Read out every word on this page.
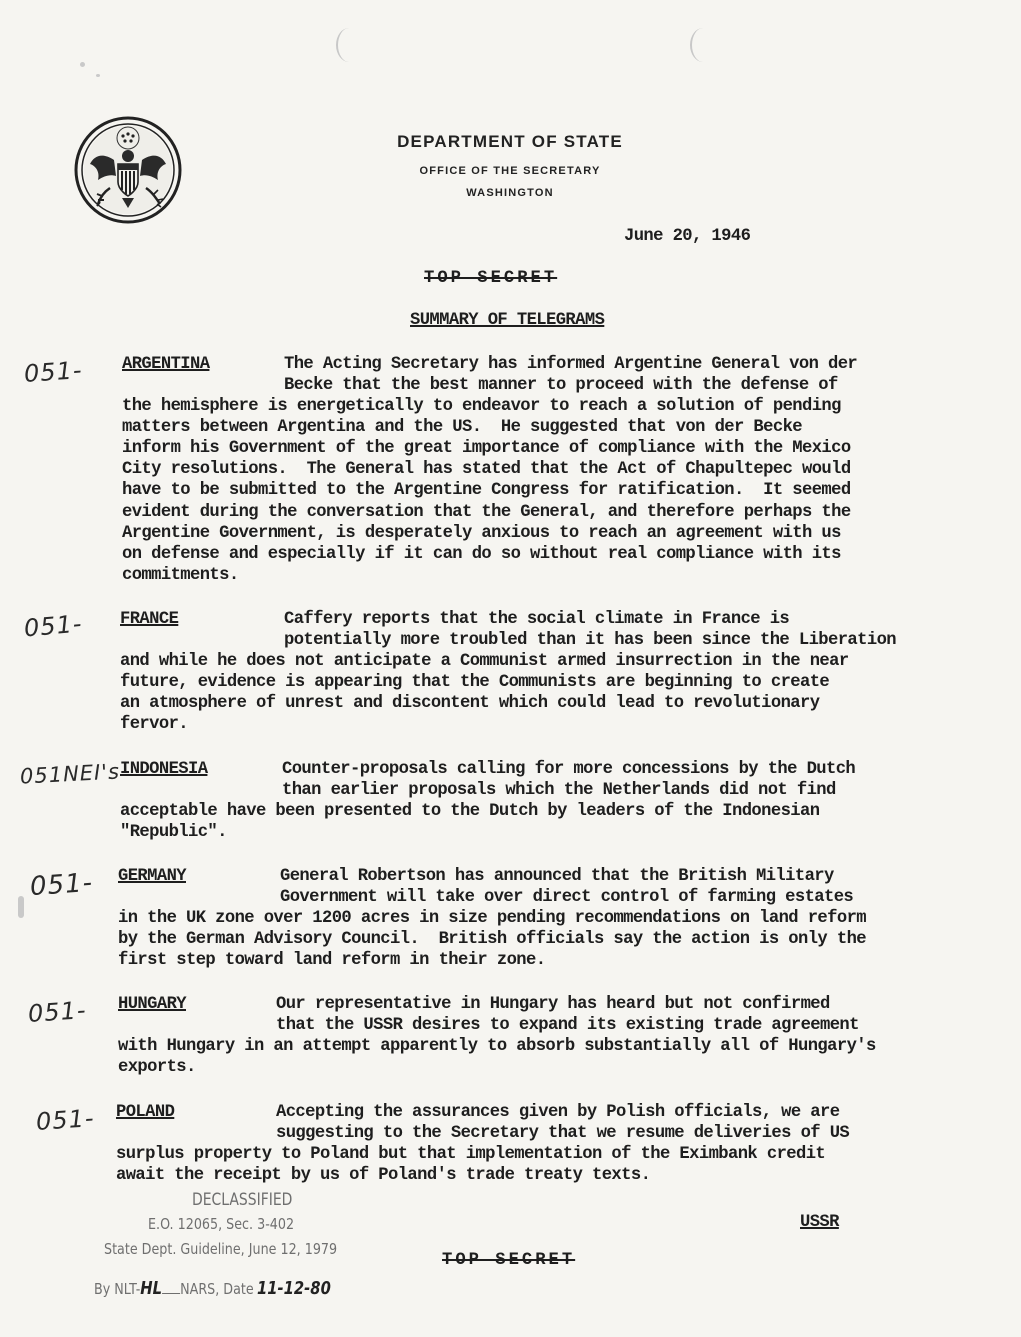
DEPARTMENT OF STATE
OFFICE OF THE SECRETARY
WASHINGTON
June 20, 1946
TOP SECRET
SUMMARY OF TELEGRAMS
051- ARGENTINA	The Acting Secretary has informed Argentine General von der
Becke that the best manner to proceed with the defense of
the hemisphere is energetically to endeavor to reach a solution of pending
matters between Argentina and the US.  He suggested that von der Becke
inform his Government of the great importance of compliance with the Mexico
City resolutions.  The General has stated that the Act of Chapultepec would
have to be submitted to the Argentine Congress for ratification.  It seemed
evident during the conversation that the General, and therefore perhaps the
Argentine Government, is desperately anxious to reach an agreement with us
on defense and especially if it can do so without real compliance with its
commitments.
051- FRANCE	Caffery reports that the social climate in France is
potentially more troubled than it has been since the Liberation
and while he does not anticipate a Communist armed insurrection in the near
future, evidence is appearing that the Communists are beginning to create
an atmosphere of unrest and discontent which could lead to revolutionary
fervor.
051NEI's INDONESIA	Counter-proposals calling for more concessions by the Dutch
than earlier proposals which the Netherlands did not find
acceptable have been presented to the Dutch by leaders of the Indonesian
"Republic".
051- GERMANY	General Robertson has announced that the British Military
Government will take over direct control of farming estates
in the UK zone over 1200 acres in size pending recommendations on land reform
by the German Advisory Council.  British officials say the action is only the
first step toward land reform in their zone.
051- HUNGARY	Our representative in Hungary has heard but not confirmed
that the USSR desires to expand its existing trade agreement
with Hungary in an attempt apparently to absorb substantially all of Hungary's
exports.
051- POLAND	Accepting the assurances given by Polish officials, we are
suggesting to the Secretary that we resume deliveries of US
surplus property to Poland but that implementation of the Eximbank credit
await the receipt by us of Poland's trade treaty texts.
USSR
TOP SECRET
DECLASSIFIED
E.O. 12065, Sec. 3-402
State Dept. Guideline, June 12, 1979
By NLT-HL NARS, Date 11-12-80
